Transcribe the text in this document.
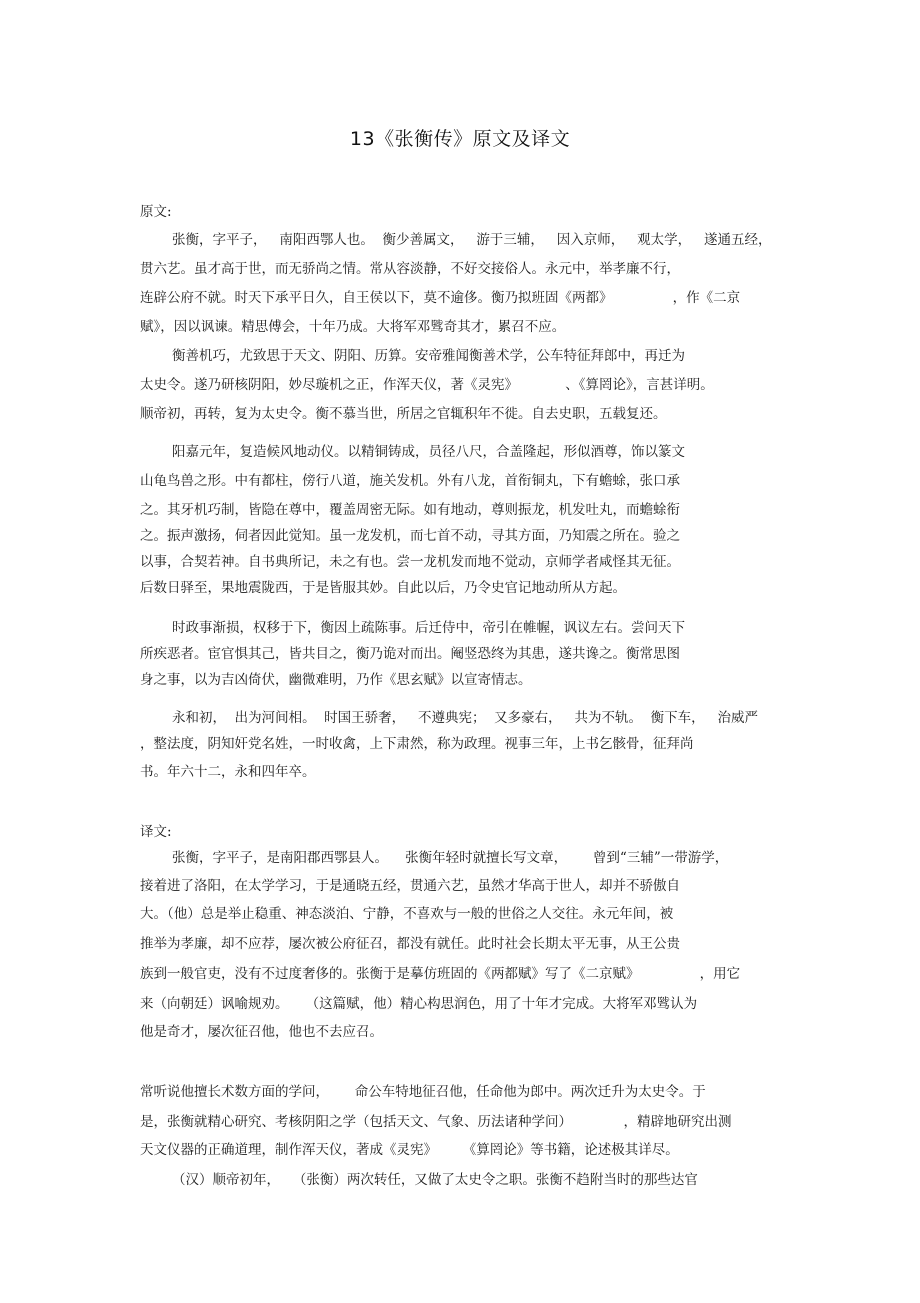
13《张衡传》原文及译文
原文:
张衡，字平子，   南阳西鄂人也。  衡少善属文，   游于三辅，   因入京师，   观太学，   遂通五经，
贯六艺。虽才高于世，而无骄尚之情。常从容淡静，不好交接俗人。永元中，举孝廉不行，
连辟公府不就。时天下承平日久，自王侯以下，莫不逾侈。衡乃拟班固《两都》              ，作《二京
赋》，因以讽谏。精思傅会，十年乃成。大将军邓骘奇其才，累召不应。
衡善机巧，尤致思于天文、阴阳、历算。安帝雅闻衡善术学，公车特征拜郎中，再迁为
太史令。遂乃研核阴阳，妙尽璇机之正，作浑天仪，著《灵宪》           、《算罔论》，言甚详明。
顺帝初，再转，复为太史令。衡不慕当世，所居之官辄积年不徙。自去史职，五载复还。
阳嘉元年，复造候风地动仪。以精铜铸成，员径八尺，合盖隆起，形似酒尊，饰以篆文
山龟鸟兽之形。中有都柱，傍行八道，施关发机。外有八龙，首衔铜丸，下有蟾蜍，张口承
之。其牙机巧制，皆隐在尊中，覆盖周密无际。如有地动，尊则振龙，机发吐丸，而蟾蜍衔
之。振声激扬，伺者因此觉知。虽一龙发机，而七首不动，寻其方面，乃知震之所在。验之
以事，合契若神。自书典所记，未之有也。尝一龙机发而地不觉动，京师学者咸怪其无征。
后数日驿至，果地震陇西，于是皆服其妙。自此以后，乃令史官记地动所从方起。
时政事渐损，权移于下，衡因上疏陈事。后迁侍中，帝引在帷幄，讽议左右。尝问天下
所疾恶者。宦官惧其己，皆共目之，衡乃诡对而出。阉竖恐终为其患，遂共谗之。衡常思图
身之事，以为吉凶倚伏，幽微难明，乃作《思玄赋》以宣寄情志。
永和初，  出为河间相。  时国王骄奢，   不遵典宪；  又多豪右，   共为不轨。  衡下车，   治威严
，整法度，阴知奸党名姓，一时收禽，上下肃然，称为政理。视事三年，上书乞骸骨，征拜尚
书。年六十二，永和四年卒。
译文:
张衡，字平子，是南阳郡西鄂县人。    张衡年轻时就擅长写文章，      曾到“三辅”一带游学，
接着进了洛阳，在太学学习，于是通晓五经，贯通六艺，虽然才华高于世人，却并不骄傲自
大。（他）总是举止稳重、神态淡泊、宁静，不喜欢与一般的世俗之人交往。永元年间，被
推举为孝廉，却不应荐，屡次被公府征召，都没有就任。此时社会长期太平无事，从王公贵
族到一般官吏，没有不过度奢侈的。张衡于是摹仿班固的《两都赋》写了《二京赋》              ，用它
来（向朝廷）讽喻规劝。    （这篇赋，他）精心构思润色，用了十年才完成。大将军邓骘认为
他是奇才，屡次征召他，他也不去应召。
常听说他擅长术数方面的学问，      命公车特地征召他，任命他为郎中。两次迁升为太史令。于
是，张衡就精心研究、考核阴阳之学（包括天文、气象、历法诸种学问）            ，精辟地研究出测
天文仪器的正确道理，制作浑天仪，著成《灵宪》      《算罔论》等书籍，论述极其详尽。
（汉）顺帝初年，   （张衡）两次转任，又做了太史令之职。张衡不趋附当时的那些达官
